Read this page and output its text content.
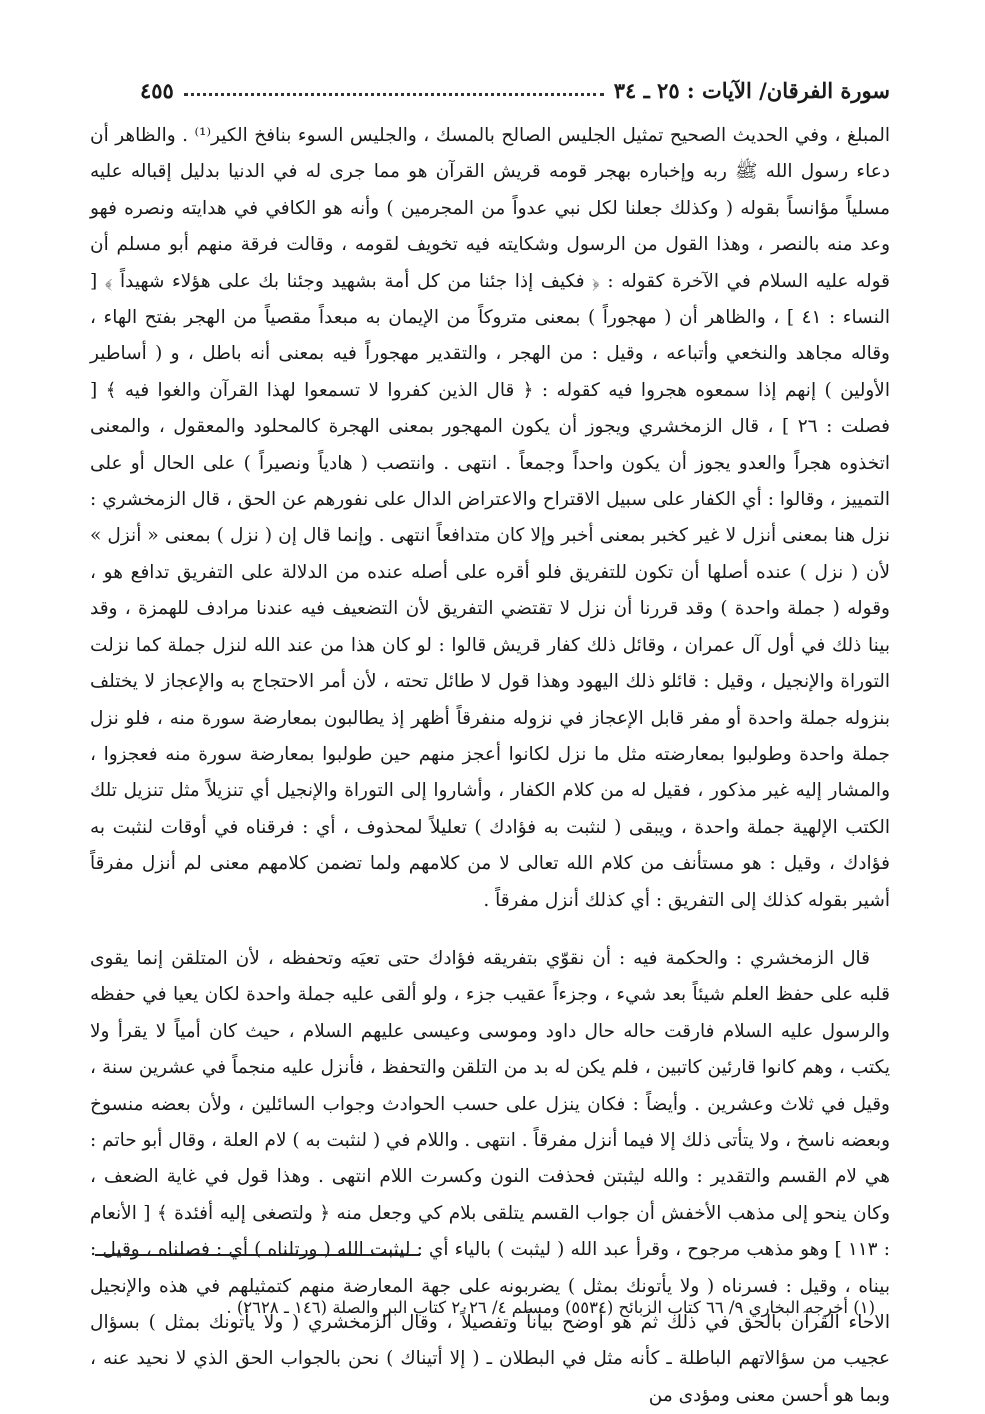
سورة الفرقان/ الآيات : ٢٥ ـ ٣٤
٤٥٥

المبلغ ، وفي الحديث الصحيح تمثيل الجليس الصالح بالمسك ، والجليس السوء بنافخ الكير⁽¹⁾ . والظاهر أن دعاء رسول الله ﷺ ربه وإخباره بهجر قومه قريش القرآن هو مما جرى له في الدنيا بدليل إقباله عليه مسلياً مؤانساً بقوله ( وكذلك جعلنا لكل نبي عدواً من المجرمين ) وأنه هو الكافي في هدايته ونصره فهو وعد منه بالنصر ، وهذا القول من الرسول وشكايته فيه تخويف لقومه ، وقالت فرقة منهم أبو مسلم أن قوله عليه السلام في الآخرة كقوله : ﴿ فكيف إذا جئنا من كل أمة بشهيد وجئنا بك على هؤلاء شهيداً ﴾ [ النساء : ٤١ ] ، والظاهر أن ( مهجوراً ) بمعنى متروكاً من الإيمان به مبعداً مقصياً من الهجر بفتح الهاء ، وقاله مجاهد والنخعي وأتباعه ، وقيل : من الهجر ، والتقدير مهجوراً فيه بمعنى أنه باطل ، و ( أساطير الأولين ) إنهم إذا سمعوه هجروا فيه كقوله : ﴿ قال الذين كفروا لا تسمعوا لهذا القرآن والغوا فيه ﴾ [ فصلت : ٢٦ ] ، قال الزمخشري ويجوز أن يكون المهجور بمعنى الهجرة كالمحلود والمعقول ، والمعنى اتخذوه هجراً والعدو يجوز أن يكون واحداً وجمعاً . انتهى . وانتصب ( هادياً ونصيراً ) على الحال أو على التمييز ، وقالوا : أي الكفار على سبيل الاقتراح والاعتراض الدال على نفورهم عن الحق ، قال الزمخشري : نزل هنا بمعنى أنزل لا غير كخبر بمعنى أخبر وإلا كان متدافعاً انتهى . وإنما قال إن ( نزل ) بمعنى « أنزل » لأن ( نزل ) عنده أصلها أن تكون للتفريق فلو أقره على أصله عنده من الدلالة على التفريق تدافع هو ، وقوله ( جملة واحدة ) وقد قررنا أن نزل لا تقتضي التفريق لأن التضعيف فيه عندنا مرادف للهمزة ، وقد بينا ذلك في أول آل عمران ، وقائل ذلك كفار قريش قالوا : لو كان هذا من عند الله لنزل جملة كما نزلت التوراة والإنجيل ، وقيل : قائلو ذلك اليهود وهذا قول لا طائل تحته ، لأن أمر الاحتجاج به والإعجاز لا يختلف بنزوله جملة واحدة أو مفر قابل الإعجاز في نزوله منفرقاً أظهر إذ يطالبون بمعارضة سورة منه ، فلو نزل جملة واحدة وطولبوا بمعارضته مثل ما نزل لكانوا أعجز منهم حين طولبوا بمعارضة سورة منه فعجزوا ، والمشار إليه غير مذكور ، فقيل له من كلام الكفار ، وأشاروا إلى التوراة والإنجيل أي تنزيلاً مثل تنزيل تلك الكتب الإلهية جملة واحدة ، ويبقى ( لنثبت به فؤادك ) تعليلاً لمحذوف ، أي : فرقناه في أوقات لنثبت به فؤادك ، وقيل : هو مستأنف من كلام الله تعالى لا من كلامهم ولما تضمن كلامهم معنى لم أنزل مفرقاً أشير بقوله كذلك إلى التفريق : أي كذلك أنزل مفرقاً .

قال الزمخشري : والحكمة فيه : أن نقوّي بتفريقه فؤادك حتى تعيَه وتحفظه ، لأن المتلقن إنما يقوى قلبه على حفظ العلم شيئاً بعد شيء ، وجزءاً عقيب جزء ، ولو ألقى عليه جملة واحدة لكان يعيا في حفظه والرسول عليه السلام فارقت حاله حال داود وموسى وعيسى عليهم السلام ، حيث كان أمياً لا يقرأ ولا يكتب ، وهم كانوا قارئين كاتبين ، فلم يكن له بد من التلقن والتحفظ ، فأنزل عليه منجماً في عشرين سنة ، وقيل في ثلاث وعشرين . وأيضاً : فكان ينزل على حسب الحوادث وجواب السائلين ، ولأن بعضه منسوخ وبعضه ناسخ ، ولا يتأتى ذلك إلا فيما أنزل مفرقاً . انتهى . واللام في ( لنثبت به ) لام العلة ، وقال أبو حاتم : هي لام القسم والتقدير : والله ليثبتن فحذفت النون وكسرت اللام انتهى . وهذا قول في غاية الضعف ، وكان ينحو إلى مذهب الأخفش أن جواب القسم يتلقى بلام كي وجعل منه ﴿ ولتصغى إليه أفئدة ﴾ [ الأنعام : ١١٣ ] وهو مذهب مرجوح ، وقرأ عبد الله ( ليثبت ) بالياء أي : ليثبت الله ( ورتلناه ) أي : فصلناه ، وقيل : بيناه ، وقيل : فسرناه ( ولا يأتونك بمثل ) يضربونه على جهة المعارضة منهم كتمثيلهم في هذه والإنجيل الاحاء القرآن بالحق في ذلك ثم هو أوضح بياناً وتفصيلاً ، وقال الزمخشري ( ولا يأتونك بمثل ) بسؤال عجيب من سؤالاتهم الباطلة ـ كأنه مثل في البطلان ـ ( إلا أتيناك ) نحن بالجواب الحق الذي لا نحيد عنه ، وبما هو أحسن معنى ومؤدى من

(١) أخرجه البخاري ٩/ ٦٦ كتاب الزبائح (٥٥٣٤) ومسلم ٤/ ٢٠٢٦ كتاب البر والصلة (١٤٦ ـ ٢٦٢٨) .
